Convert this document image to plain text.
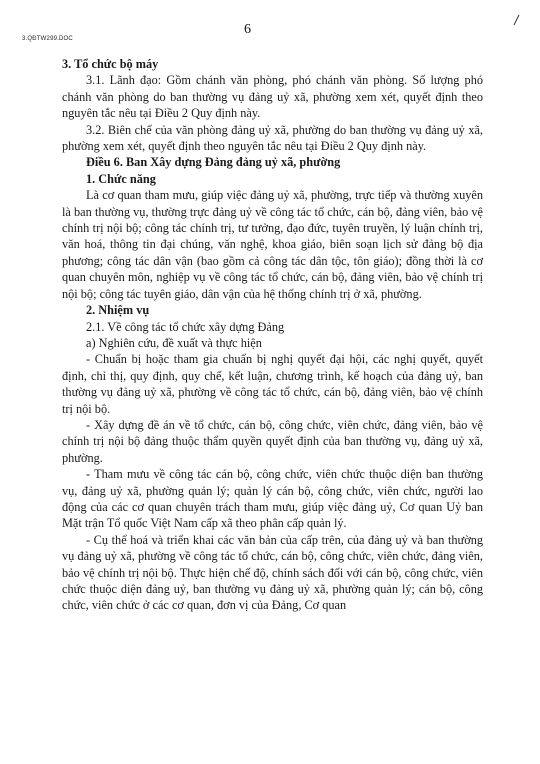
3.QĐTW299.DOC
6

3. Tổ chức bộ máy

3.1. Lãnh đạo: Gồm chánh văn phòng, phó chánh văn phòng. Số lượng phó chánh văn phòng do ban thường vụ đảng uỷ xã, phường xem xét, quyết định theo nguyên tắc nêu tại Điều 2 Quy định này.

3.2. Biên chế của văn phòng đảng uỷ xã, phường do ban thường vụ đảng uỷ xã, phường xem xét, quyết định theo nguyên tắc nêu tại Điều 2 Quy định này.

Điều 6. Ban Xây dựng Đảng đảng uỷ xã, phường

1. Chức năng

Là cơ quan tham mưu, giúp việc đảng uỷ xã, phường, trực tiếp và thường xuyên là ban thường vụ, thường trực đảng uỷ về công tác tổ chức, cán bộ, đảng viên, bảo vệ chính trị nội bộ; công tác chính trị, tư tưởng, đạo đức, tuyên truyền, lý luận chính trị, văn hoá, thông tin đại chúng, văn nghệ, khoa giáo, biên soạn lịch sử đảng bộ địa phương; công tác dân vận (bao gồm cả công tác dân tộc, tôn giáo); đồng thời là cơ quan chuyên môn, nghiệp vụ về công tác tổ chức, cán bộ, đảng viên, bảo vệ chính trị nội bộ; công tác tuyên giáo, dân vận của hệ thống chính trị ở xã, phường.

2. Nhiệm vụ

2.1. Về công tác tổ chức xây dựng Đảng

a) Nghiên cứu, đề xuất và thực hiện

- Chuẩn bị hoặc tham gia chuẩn bị nghị quyết đại hội, các nghị quyết, quyết định, chỉ thị, quy định, quy chế, kết luận, chương trình, kế hoạch của đảng uỷ, ban thường vụ đảng uỷ xã, phường về công tác tổ chức, cán bộ, đảng viên, bảo vệ chính trị nội bộ.

- Xây dựng đề án về tổ chức, cán bộ, công chức, viên chức, đảng viên, bảo vệ chính trị nội bộ đảng thuộc thẩm quyền quyết định của ban thường vụ, đảng uỷ xã, phường.

- Tham mưu về công tác cán bộ, công chức, viên chức thuộc diện ban thường vụ, đảng uỷ xã, phường quản lý; quản lý cán bộ, công chức, viên chức, người lao động của các cơ quan chuyên trách tham mưu, giúp việc đảng uỷ, Cơ quan Uỷ ban Mặt trận Tổ quốc Việt Nam cấp xã theo phân cấp quản lý.

- Cụ thể hoá và triển khai các văn bản của cấp trên, của đảng uỷ và ban thường vụ đảng uỷ xã, phường về công tác tổ chức, cán bộ, công chức, viên chức, đảng viên, bảo vệ chính trị nội bộ. Thực hiện chế độ, chính sách đối với cán bộ, công chức, viên chức thuộc diện đảng uỷ, ban thường vụ đảng uỷ xã, phường quản lý; cán bộ, công chức, viên chức ở các cơ quan, đơn vị của Đảng, Cơ quan
